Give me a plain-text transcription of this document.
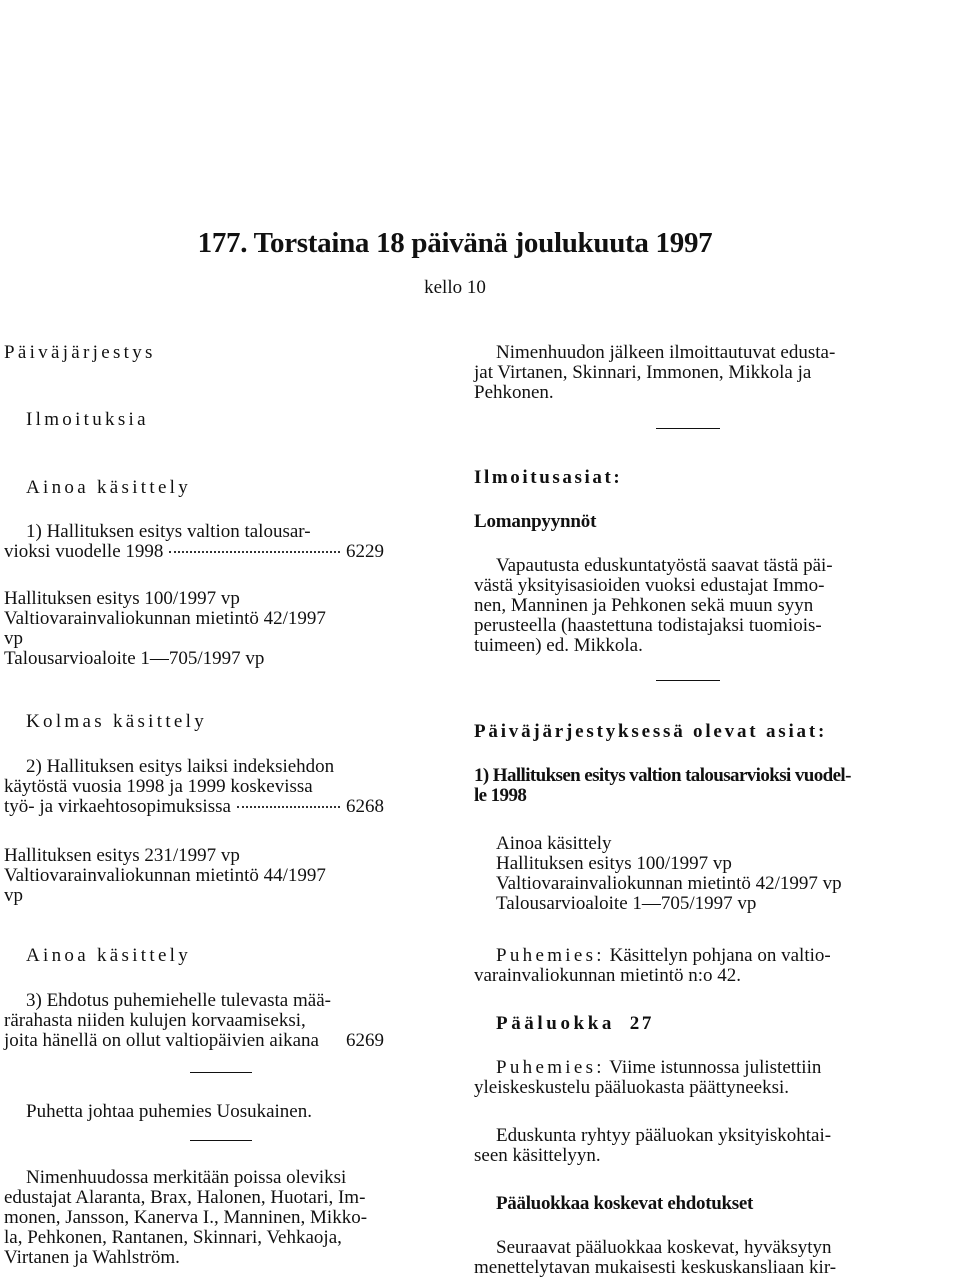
177. Torstaina 18 päivänä joulukuuta 1997
kello 10
Päiväjärjestys
Ilmoituksia
Ainoa käsittely
1) Hallituksen esitys valtion talousar-
vioksi vuodelle 1998	6229
Hallituksen esitys 100/1997 vp
Valtiovarainvaliokunnan mietintö 42/1997
vp
Talousarvioaloite 1—705/1997 vp
Kolmas käsittely
2) Hallituksen esitys laiksi indeksiehdon
käytöstä vuosia 1998 ja 1999 koskevissa
työ- ja virkaehtosopimuksissa	6268
Hallituksen esitys 231/1997 vp
Valtiovarainvaliokunnan mietintö 44/1997
vp
Ainoa käsittely
3) Ehdotus puhemiehelle tulevasta mää-
rärahasta niiden kulujen korvaamiseksi,
joita hänellä on ollut valtiopäivien aikana 6269
Puhetta johtaa puhemies Uosukainen.
Nimenhuudossa merkitään poissa oleviksi
edustajat Alaranta, Brax, Halonen, Huotari, Im-
monen, Jansson, Kanerva I., Manninen, Mikko-
la, Pehkonen, Rantanen, Skinnari, Vehkaoja,
Virtanen ja Wahlström.
Nimenhuudon jälkeen ilmoittautuvat edusta-
jat Virtanen, Skinnari, Immonen, Mikkola ja
Pehkonen.
Ilmoitusasiat:
Lomanpyynnöt
Vapautusta eduskuntatyöstä saavat tästä päi-
västä yksityisasioiden vuoksi edustajat Immo-
nen, Manninen ja Pehkonen sekä muun syyn
perusteella (haastettuna todistajaksi tuomiois-
tuimeen) ed. Mikkola.
Päiväjärjestyksessä olevat asiat:
1) Hallituksen esitys valtion talousarvioksi vuodel-
le 1998
Ainoa käsittely
Hallituksen esitys 100/1997 vp
Valtiovarainvaliokunnan mietintö 42/1997 vp
Talousarvioaloite 1—705/1997 vp
Puhemies: Käsittelyn pohjana on valtio-
varainvaliokunnan mietintö n:o 42.
Pääluokka 27
Puhemies: Viime istunnossa julistettiin
yleiskeskustelu pääluokasta päättyneeksi.
Eduskunta ryhtyy pääluokan yksityiskohtai-
seen käsittelyyn.
Pääluokkaa koskevat ehdotukset
Seuraavat pääluokkaa koskevat, hyväksytyn
menettelytavan mukaisesti keskuskansliaan kir-
